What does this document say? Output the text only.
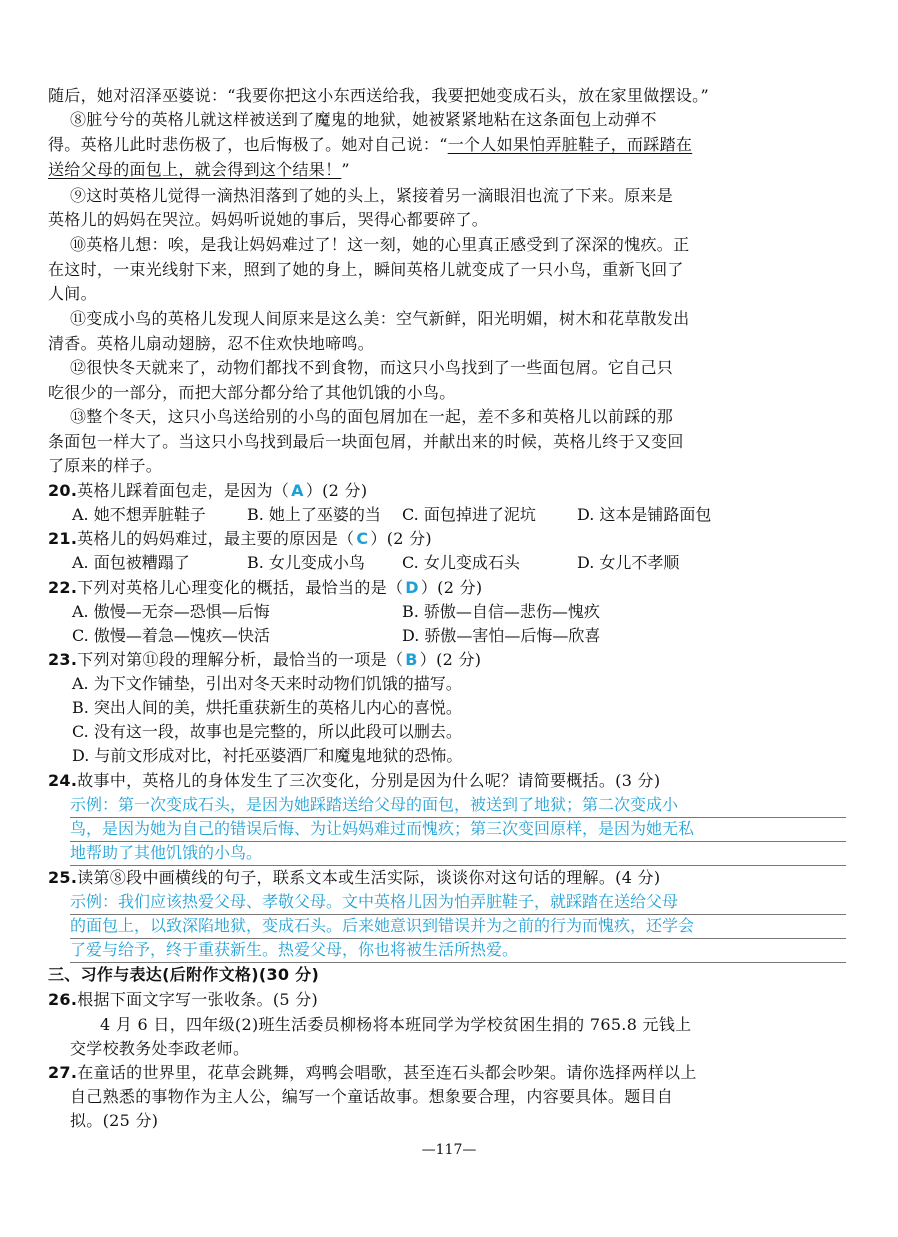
随后，她对沼泽巫婆说：“我要你把这小东西送给我，我要把她变成石头，放在家里做摆设。”
⑧脏兮兮的英格儿就这样被送到了魔鬼的地狱，她被紧紧地粘在这条面包上动弹不
得。英格儿此时悲伤极了，也后悔极了。她对自己说：“一个人如果怕弄脏鞋子，而踩踏在
送给父母的面包上，就会得到这个结果！”
⑨这时英格儿觉得一滴热泪落到了她的头上，紧接着另一滴眼泪也流了下来。原来是
英格儿的妈妈在哭泣。妈妈听说她的事后，哭得心都要碎了。
⑩英格儿想：唉，是我让妈妈难过了！这一刻，她的心里真正感受到了深深的愧疚。正
在这时，一束光线射下来，照到了她的身上，瞬间英格儿就变成了一只小鸟，重新飞回了
人间。
⑪变成小鸟的英格儿发现人间原来是这么美：空气新鲜，阳光明媚，树木和花草散发出
清香。英格儿扇动翅膀，忍不住欢快地啼鸣。
⑫很快冬天就来了，动物们都找不到食物，而这只小鸟找到了一些面包屑。它自己只
吃很少的一部分，而把大部分都分给了其他饥饿的小鸟。
⑬整个冬天，这只小鸟送给别的小鸟的面包屑加在一起，差不多和英格儿以前踩的那
条面包一样大了。当这只小鸟找到最后一块面包屑，并献出来的时候，英格儿终于又变回
了原来的样子。
20.英格儿踩着面包走，是因为（ A ）(2 分)
A. 她不想弄脏鞋子	B. 她上了巫婆的当 C. 面包掉进了泥坑	D. 这本是铺路面包
21.英格儿的妈妈难过，最主要的原因是（ C ）(2 分)
A. 面包被糟蹋了	B. 女儿变成小鸟 C. 女儿变成石头	D. 女儿不孝顺
22.下列对英格儿心理变化的概括，最恰当的是（ D ）(2 分)
A. 傲慢—无奈—恐惧—后悔	B. 骄傲—自信—悲伤—愧疚
C. 傲慢—着急—愧疚—快活	D. 骄傲—害怕—后悔—欣喜
23.下列对第⑪段的理解分析，最恰当的一项是（ B ）(2 分)
A. 为下文作铺垫，引出对冬天来时动物们饥饿的描写。
B. 突出人间的美，烘托重获新生的英格儿内心的喜悦。
C. 没有这一段，故事也是完整的，所以此段可以删去。
D. 与前文形成对比，衬托巫婆酒厂和魔鬼地狱的恐怖。
24.故事中，英格儿的身体发生了三次变化，分别是因为什么呢？请简要概括。(3 分)
示例：第一次变成石头，是因为她踩踏送给父母的面包，被送到了地狱；第二次变成小
鸟，是因为她为自己的错误后悔、为让妈妈难过而愧疚；第三次变回原样，是因为她无私
地帮助了其他饥饿的小鸟。
25.读第⑧段中画横线的句子，联系文本或生活实际，谈谈你对这句话的理解。(4 分)
示例：我们应该热爱父母、孝敬父母。文中英格儿因为怕弄脏鞋子，就踩踏在送给父母
的面包上，以致深陷地狱，变成石头。后来她意识到错误并为之前的行为而愧疚，还学会
了爱与给予，终于重获新生。热爱父母，你也将被生活所热爱。
三、习作与表达(后附作文格)(30 分)
26.根据下面文字写一张收条。(5 分)
4 月 6 日，四年级(2)班生活委员柳杨将本班同学为学校贫困生捐的 765.8 元钱上
交学校教务处李政老师。
27.在童话的世界里，花草会跳舞，鸡鸭会唱歌，甚至连石头都会吵架。请你选择两样以上
自己熟悉的事物作为主人公，编写一个童话故事。想象要合理，内容要具体。题目自
拟。(25 分)
—117—
